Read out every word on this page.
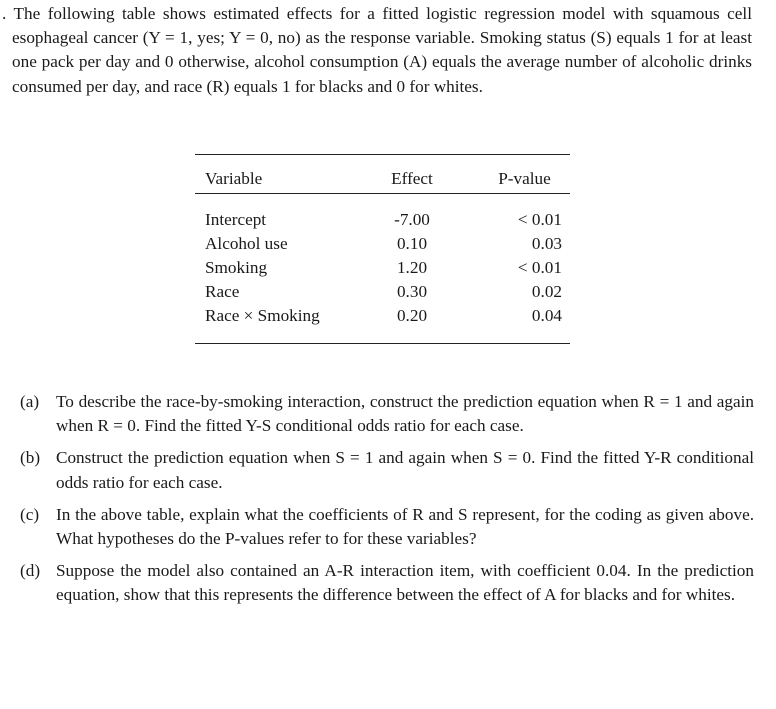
. The following table shows estimated effects for a fitted logistic regression model with squamous cell esophageal cancer (Y = 1, yes; Y = 0, no) as the response variable. Smoking status (S) equals 1 for at least one pack per day and 0 otherwise, alcohol consumption (A) equals the average number of alcoholic drinks consumed per day, and race (R) equals 1 for blacks and 0 for whites.
Variable	Effect	P-value
Intercept	-7.00	< 0.01
Alcohol use	0.10	0.03
Smoking	1.20	< 0.01
Race	0.30	0.02
Race × Smoking	0.20	0.04
(a) To describe the race-by-smoking interaction, construct the prediction equation when R = 1 and again when R = 0. Find the fitted Y-S conditional odds ratio for each case.
(b) Construct the prediction equation when S = 1 and again when S = 0. Find the fitted Y-R conditional odds ratio for each case.
(c) In the above table, explain what the coefficients of R and S represent, for the coding as given above. What hypotheses do the P-values refer to for these variables?
(d) Suppose the model also contained an A-R interaction item, with coefficient 0.04. In the prediction equation, show that this represents the difference between the effect of A for blacks and for whites.
